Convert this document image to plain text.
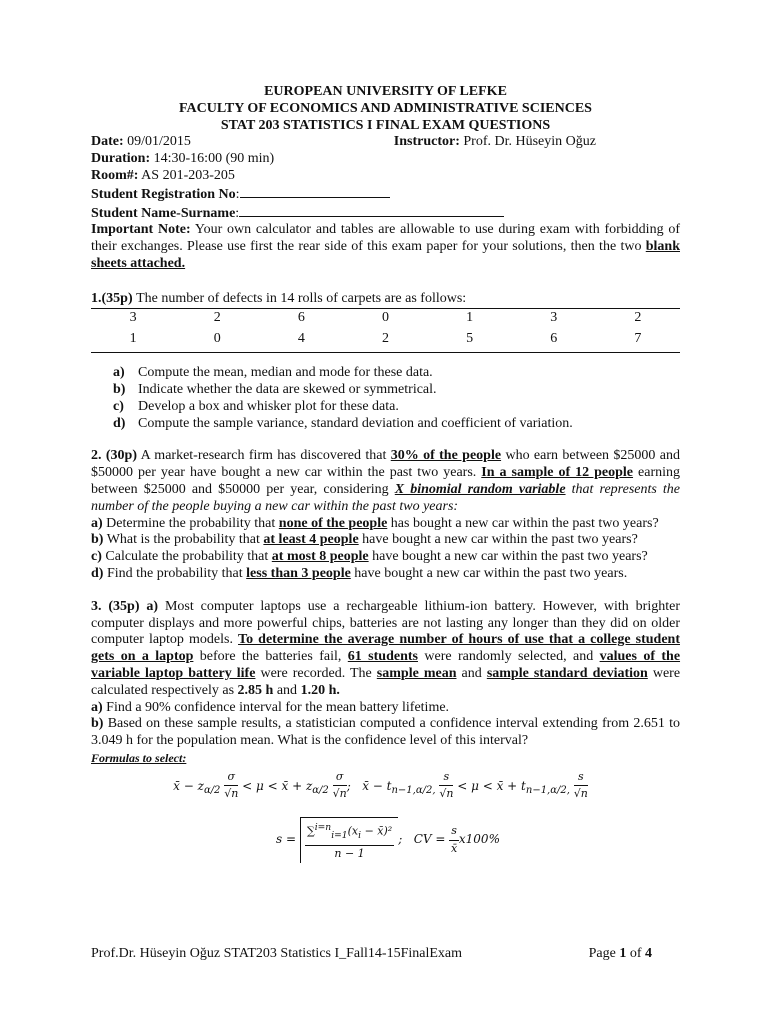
EUROPEAN UNIVERSITY OF LEFKE
FACULTY OF ECONOMICS AND ADMINISTRATIVE SCIENCES
STAT 203 STATISTICS I FINAL EXAM QUESTIONS
Date: 09/01/2015	Instructor: Prof. Dr. Hüseyin Oğuz
Duration: 14:30-16:00 (90 min)
Room#: AS 201-203-205
Student Registration No:
Student Name-Surname:
Important Note: Your own calculator and tables are allowable to use during exam with forbidding of their exchanges. Please use first the rear side of this exam paper for your solutions, then the two blank sheets attached.
1.(35p)
The number of defects in 14 rolls of carpets are as follows:
3	2	6	0	1	3	2
1	0	4	2	5	6	7
a) Compute the mean, median and mode for these data.
b) Indicate whether the data are skewed or symmetrical.
c) Develop a box and whisker plot for these data.
d) Compute the sample variance, standard deviation and coefficient of variation.
2. (30p) A market-research firm has discovered that 30% of the people who earn between $25000 and $50000 per year have bought a new car within the past two years. In a sample of 12 people earning between $25000 and $50000 per year, considering X binomial random variable that represents the number of the people buying a new car within the past two years:
a) Determine the probability that none of the people has bought a new car within the past two years?
b) What is the probability that at least 4 people have bought a new car within the past two years?
c) Calculate the probability that at most 8 people have bought a new car within the past two years?
d) Find the probability that less than 3 people have bought a new car within the past two years.
3. (35p) a) Most computer laptops use a rechargeable lithium-ion battery. However, with brighter computer displays and more powerful chips, batteries are not lasting any longer than they did on older computer laptop models. To determine the average number of hours of use that a college student gets on a laptop before the batteries fail, 61 students were randomly selected, and values of the variable laptop battery life were recorded. The sample mean and sample standard deviation were calculated respectively as 2.85 h and 1.20 h.
a) Find a 90% confidence interval for the mean battery lifetime.
b) Based on these sample results, a statistician computed a confidence interval extending from 2.651 to 3.049 h for the population mean. What is the confidence level of this interval?
Formulas to select:
x̄ − $z_{\alpha/2} \frac{\sigma}{√n} < \mu$ < x̄ + $z_{\alpha/2} \frac{\sigma}{√n}$ ;   x̄ − $t_{n-1,\alpha/2,} \frac{s}{√n} < \mu$ < x̄ + $t_{n-1,\alpha/2,} \frac{s}{√n}$
$s = \frac{\sum^{i=n}_{i=1}(x_i - x̄)^2}{n - 1}$ ;   CV = $\frac{s}{x̄} x100\%$
Prof.Dr. Hüseyin Oğuz STAT203 Statistics I_Fall14-15FinalExam	Page 1 of 4
